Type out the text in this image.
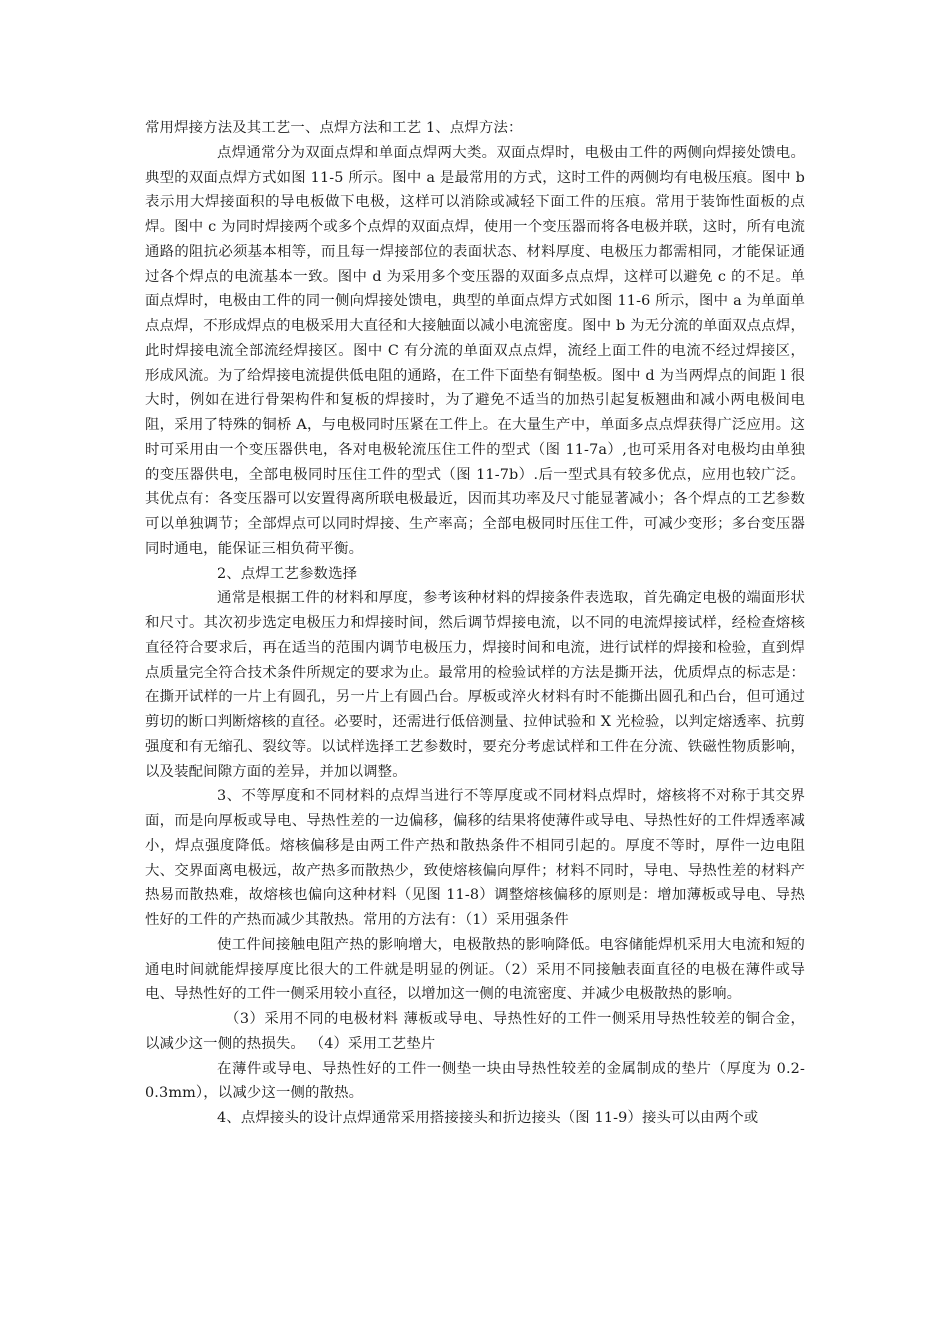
常用焊接方法及其工艺一、点焊方法和工艺 1、点焊方法：

点焊通常分为双面点焊和单面点焊两大类。双面点焊时，电极由工件的两侧向焊接处馈电。典型的双面点焊方式如图 11-5 所示。图中 a 是最常用的方式，这时工件的两侧均有电极压痕。图中 b 表示用大焊接面积的导电板做下电极，这样可以消除或减轻下面工件的压痕。常用于装饰性面板的点焊。图中 c 为同时焊接两个或多个点焊的双面点焊，使用一个变压器而将各电极并联，这时，所有电流通路的阻抗必须基本相等，而且每一焊接部位的表面状态、材料厚度、电极压力都需相同，才能保证通过各个焊点的电流基本一致。图中 d 为采用多个变压器的双面多点点焊，这样可以避免 c 的不足。单面点焊时，电极由工件的同一侧向焊接处馈电，典型的单面点焊方式如图 11-6 所示，图中 a 为单面单点点焊，不形成焊点的电极采用大直径和大接触面以减小电流密度。图中 b 为无分流的单面双点点焊，此时焊接电流全部流经焊接区。图中 C 有分流的单面双点点焊，流经上面工件的电流不经过焊接区，形成风流。为了给焊接电流提供低电阻的通路，在工件下面垫有铜垫板。图中 d 为当两焊点的间距 l 很大时，例如在进行骨架构件和复板的焊接时，为了避免不适当的加热引起复板翘曲和减小两电极间电阻，采用了特殊的铜桥 A，与电极同时压紧在工件上。在大量生产中，单面多点点焊获得广泛应用。这时可采用由一个变压器供电，各对电极轮流压住工件的型式（图 11-7a）,也可采用各对电极均由单独的变压器供电，全部电极同时压住工件的型式（图 11-7b）.后一型式具有较多优点，应用也较广泛。其优点有：各变压器可以安置得离所联电极最近，因而其功率及尺寸能显著减小；各个焊点的工艺参数可以单独调节；全部焊点可以同时焊接、生产率高；全部电极同时压住工件，可减少变形；多台变压器同时通电，能保证三相负荷平衡。

2、点焊工艺参数选择

通常是根据工件的材料和厚度，参考该种材料的焊接条件表选取，首先确定电极的端面形状和尺寸。其次初步选定电极压力和焊接时间，然后调节焊接电流，以不同的电流焊接试样，经检查熔核直径符合要求后，再在适当的范围内调节电极压力，焊接时间和电流，进行试样的焊接和检验，直到焊点质量完全符合技术条件所规定的要求为止。最常用的检验试样的方法是撕开法，优质焊点的标志是：在撕开试样的一片上有圆孔，另一片上有圆凸台。厚板或淬火材料有时不能撕出圆孔和凸台，但可通过剪切的断口判断熔核的直径。必要时，还需进行低倍测量、拉伸试验和 X 光检验，以判定熔透率、抗剪强度和有无缩孔、裂纹等。以试样选择工艺参数时，要充分考虑试样和工件在分流、铁磁性物质影响，以及装配间隙方面的差异，并加以调整。

3、不等厚度和不同材料的点焊当进行不等厚度或不同材料点焊时，熔核将不对称于其交界面，而是向厚板或导电、导热性差的一边偏移，偏移的结果将使薄件或导电、导热性好的工件焊透率减小，焊点强度降低。熔核偏移是由两工件产热和散热条件不相同引起的。厚度不等时，厚件一边电阻大、交界面离电极远，故产热多而散热少，致使熔核偏向厚件；材料不同时，导电、导热性差的材料产热易而散热难，故熔核也偏向这种材料（见图 11-8）调整熔核偏移的原则是：增加薄板或导电、导热性好的工件的产热而减少其散热。常用的方法有：（1）采用强条件

使工件间接触电阻产热的影响增大，电极散热的影响降低。电容储能焊机采用大电流和短的通电时间就能焊接厚度比很大的工件就是明显的例证。（2）采用不同接触表面直径的电极在薄件或导电、导热性好的工件一侧采用较小直径，以增加这一侧的电流密度、并减少电极散热的影响。

（3）采用不同的电极材料 薄板或导电、导热性好的工件一侧采用导热性较差的铜合金，以减少这一侧的热损失。 （4）采用工艺垫片

在薄件或导电、导热性好的工件一侧垫一块由导热性较差的金属制成的垫片（厚度为 0.2-0.3mm），以减少这一侧的散热。

4、点焊接头的设计点焊通常采用搭接接头和折边接头（图 11-9）接头可以由两个或
